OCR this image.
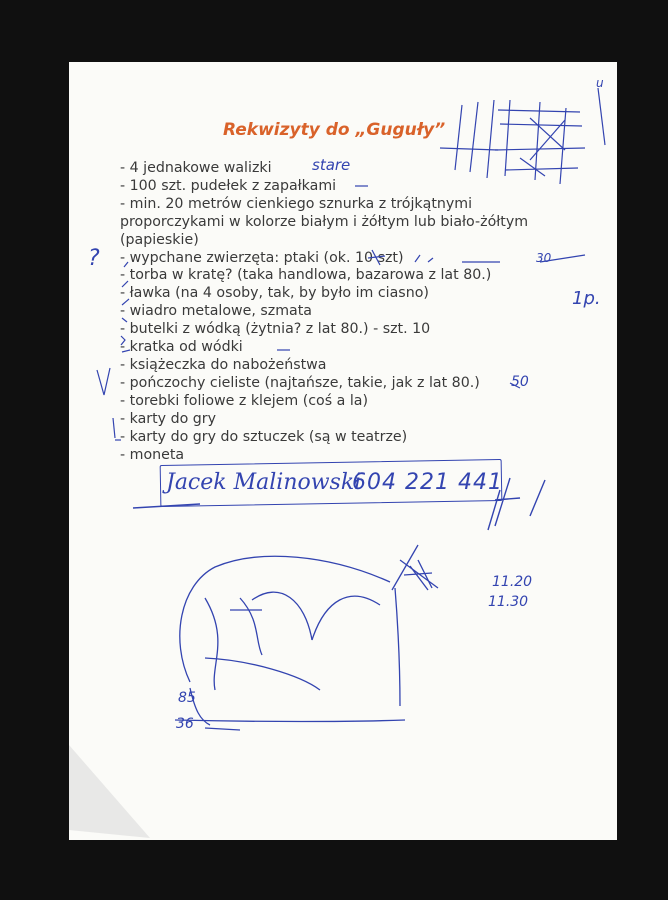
Rekwizyty do „Guguły”
- 4 jednakowe walizki
- 100 szt. pudełek z zapałkami
- min. 20 metrów cienkiego sznurka z trójkątnymi proporczykami w kolorze białym i żółtym lub biało-żółtym (papieskie)
- wypchane zwierzęta: ptaki (ok. 10 szt)
- torba w kratę? (taka handlowa, bazarowa z lat 80.)
- ławka (na 4 osoby, tak, by było im ciasno)
- wiadro metalowe, szmata
- butelki z wódką (żytnia? z lat 80.) - szt. 10
- kratka od wódki
- książeczka do nabożeństwa
- pończochy cieliste (najtańsze, takie, jak z lat 80.)
- torebki foliowe z klejem (coś a la)
- karty do gry
- karty do gry do sztuczek (są w teatrze)
- moneta
stare
?	30
1p.
50
u
Jacek Malinowski
604 221 441
11.20
11.30
85
36
